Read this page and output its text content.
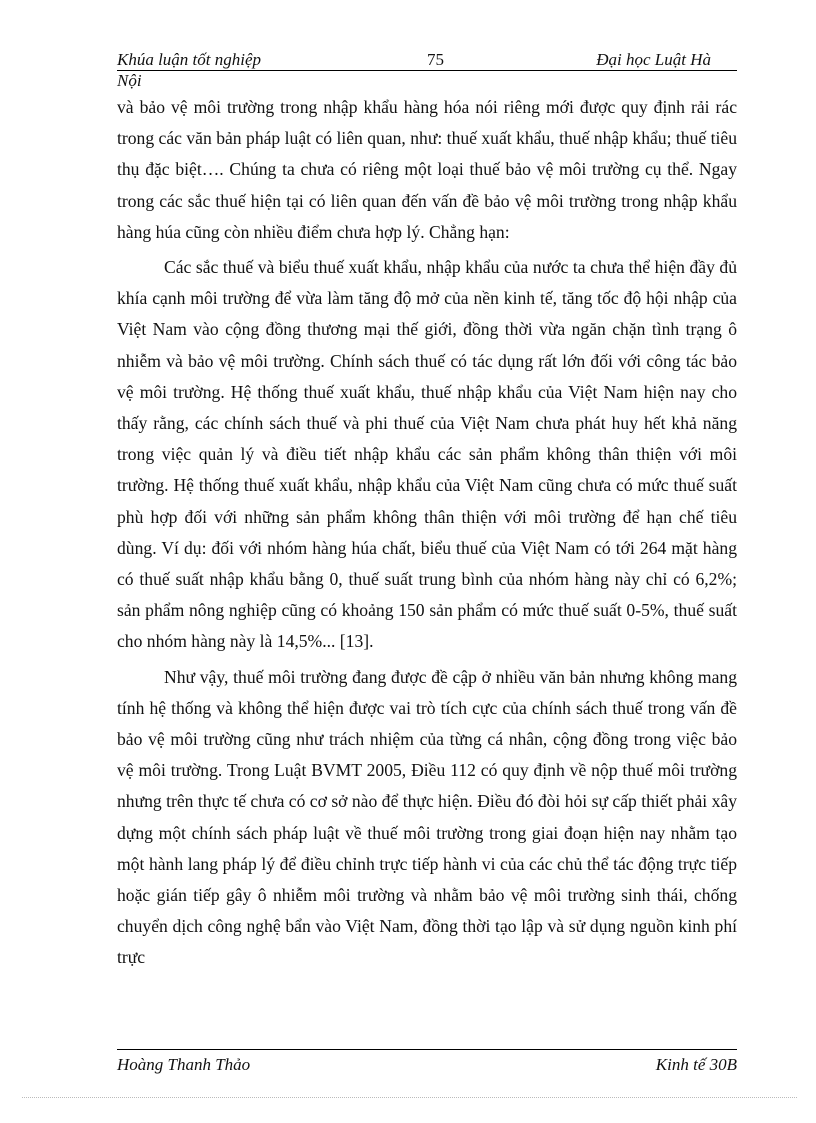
Khúa luận tốt nghiệp	75	Đại học Luật Hà
Nội

và bảo vệ môi trường trong nhập khẩu hàng hóa nói riêng mới được quy định rải rác trong các văn bản pháp luật có liên quan, như: thuế xuất khẩu, thuế nhập khẩu; thuế tiêu thụ đặc biệt…. Chúng ta chưa có riêng một loại thuế bảo vệ môi trường cụ thể. Ngay trong các sắc thuế hiện tại có liên quan đến vấn đề bảo vệ môi trường trong nhập khẩu hàng húa cũng còn nhiều điểm chưa hợp lý. Chẳng hạn:

Các sắc thuế và biểu thuế xuất khẩu, nhập khẩu của nước ta chưa thể hiện đầy đủ khía cạnh môi trường để vừa làm tăng độ mở của nền kinh tế, tăng tốc độ hội nhập của Việt Nam vào cộng đồng thương mại thế giới, đồng thời vừa ngăn chặn tình trạng ô nhiễm và bảo vệ môi trường. Chính sách thuế có tác dụng rất lớn đối với công tác bảo vệ môi trường. Hệ thống thuế xuất khẩu, thuế nhập khẩu của Việt Nam hiện nay cho thấy rằng, các chính sách thuế và phi thuế của Việt Nam chưa phát huy hết khả năng trong việc quản lý và điều tiết nhập khẩu các sản phẩm không thân thiện với môi trường. Hệ thống thuế xuất khẩu, nhập khẩu của Việt Nam cũng chưa có mức thuế suất phù hợp đối với những sản phẩm không thân thiện với môi trường để hạn chế tiêu dùng. Ví dụ: đối với nhóm hàng húa chất, biểu thuế của Việt Nam có tới 264 mặt hàng có thuế suất nhập khẩu bằng 0, thuế suất trung bình của nhóm hàng này chỉ có 6,2%; sản phẩm nông nghiệp cũng có khoảng 150 sản phẩm có mức thuế suất 0-5%, thuế suất cho nhóm hàng này là 14,5%... [13].

Như vậy, thuế môi trường đang được đề cập ở nhiều văn bản nhưng không mang tính hệ thống và không thể hiện được vai trò tích cực của chính sách thuế trong vấn đề bảo vệ môi trường cũng như trách nhiệm của từng cá nhân, cộng đồng trong việc bảo vệ môi trường. Trong Luật BVMT 2005, Điều 112 có quy định về nộp thuế môi trường nhưng trên thực tế chưa có cơ sở nào để thực hiện. Điều đó đòi hỏi sự cấp thiết phải xây dựng một chính sách pháp luật về thuế môi trường trong giai đoạn hiện nay nhằm tạo một hành lang pháp lý để điều chỉnh trực tiếp hành vi của các chủ thể tác động trực tiếp hoặc gián tiếp gây ô nhiễm môi trường và nhằm bảo vệ môi trường sinh thái, chống chuyển dịch công nghệ bẩn vào Việt Nam, đồng thời tạo lập và sử dụng nguồn kinh phí trực

Hoàng Thanh Thảo	Kinh tế 30B
